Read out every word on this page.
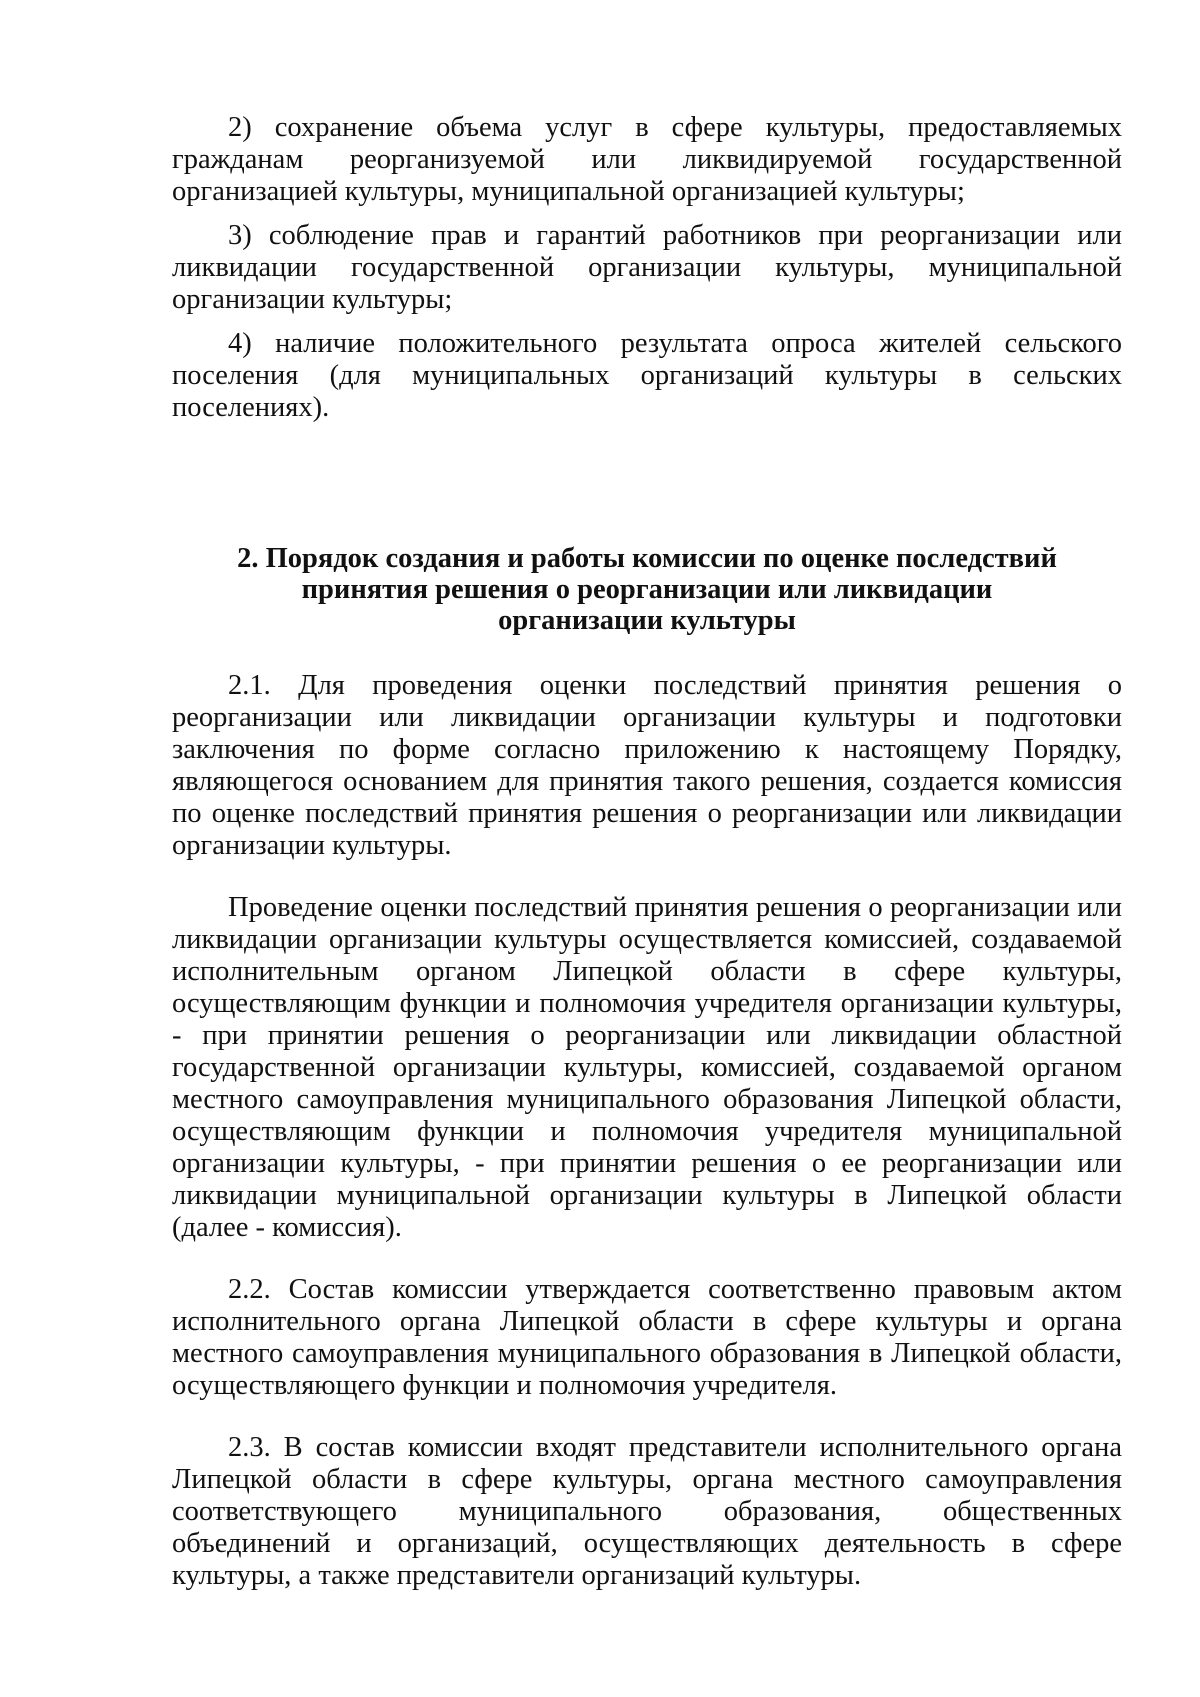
2) сохранение объема услуг в сфере культуры, предоставляемых гражданам реорганизуемой или ликвидируемой государственной организацией культуры, муниципальной организацией культуры;

3) соблюдение прав и гарантий работников при реорганизации или ликвидации государственной организации культуры, муниципальной организации культуры;

4) наличие положительного результата опроса жителей сельского поселения (для муниципальных организаций культуры в сельских поселениях).

2. Порядок создания и работы комиссии по оценке последствий
принятия решения о реорганизации или ликвидации
организации культуры

2.1. Для проведения оценки последствий принятия решения о реорганизации или ликвидации организации культуры и подготовки заключения по форме согласно приложению к настоящему Порядку, являющегося основанием для принятия такого решения, создается комиссия по оценке последствий принятия решения о реорганизации или ликвидации организации культуры.

Проведение оценки последствий принятия решения о реорганизации или ликвидации организации культуры осуществляется комиссией, создаваемой исполнительным органом Липецкой области в сфере культуры, осуществляющим функции и полномочия учредителя организации культуры, - при принятии решения о реорганизации или ликвидации областной государственной организации культуры, комиссией, создаваемой органом местного самоуправления муниципального образования Липецкой области, осуществляющим функции и полномочия учредителя муниципальной организации культуры, - при принятии решения о ее реорганизации или ликвидации муниципальной организации культуры в Липецкой области (далее - комиссия).

2.2. Состав комиссии утверждается соответственно правовым актом исполнительного органа Липецкой области в сфере культуры и органа местного самоуправления муниципального образования в Липецкой области, осуществляющего функции и полномочия учредителя.

2.3. В состав комиссии входят представители исполнительного органа Липецкой области в сфере культуры, органа местного самоуправления соответствующего муниципального образования, общественных объединений и организаций, осуществляющих деятельность в сфере культуры, а также представители организаций культуры.
